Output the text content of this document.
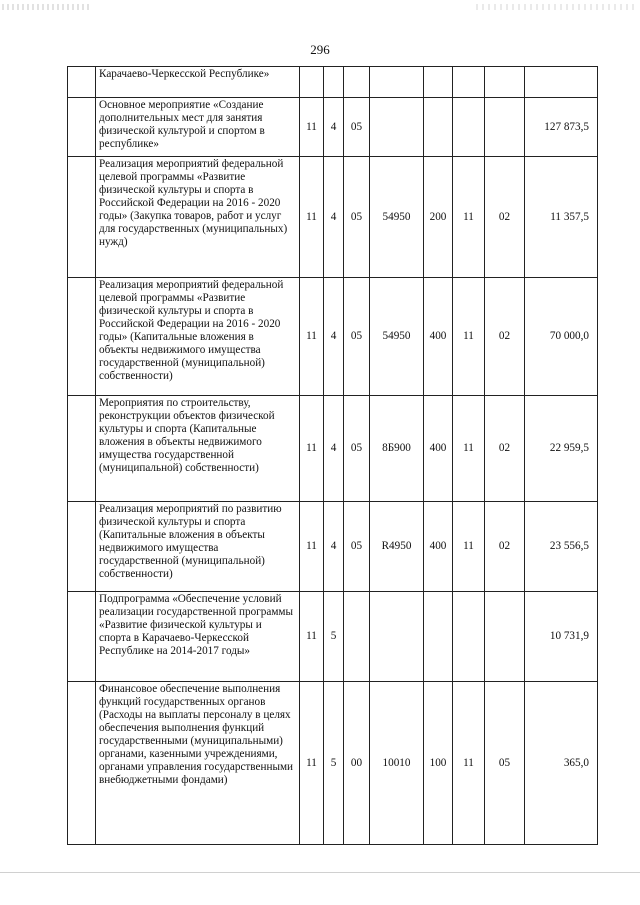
296
	Карачаево-Черкесской Республике»								
	Основное мероприятие «Создание дополнительных мест для занятия физической культурой и спортом в республике»	11	4	05					127 873,5
	Реализация мероприятий федеральной целевой программы «Развитие физической культуры и спорта в Российской Федерации на 2016 - 2020 годы» (Закупка товаров, работ и услуг для государственных (муниципальных) нужд)	11	4	05	54950	200	11	02	11 357,5
	Реализация мероприятий федеральной целевой программы «Развитие физической культуры и спорта в Российской Федерации на 2016 - 2020 годы» (Капитальные вложения в объекты недвижимого имущества государственной (муниципальной) собственности)	11	4	05	54950	400	11	02	70 000,0
	Мероприятия по строительству, реконструкции объектов физической культуры и спорта (Капитальные вложения в объекты недвижимого имущества государственной (муниципальной) собственности)	11	4	05	8Б900	400	11	02	22 959,5
	Реализация мероприятий по развитию физической культуры и спорта (Капитальные вложения в объекты недвижимого имущества государственной (муниципальной) собственности)	11	4	05	R4950	400	11	02	23 556,5
	Подпрограмма «Обеспечение условий реализации государственной программы «Развитие физической культуры и спорта в Карачаево-Черкесской Республике на 2014-2017 годы»	11	5						10 731,9
	Финансовое обеспечение выполнения функций государственных органов (Расходы на выплаты персоналу в целях обеспечения выполнения функций государственными (муниципальными) органами, казенными учреждениями, органами управления государственными внебюджетными фондами)	11	5	00	10010	100	11	05	365,0
